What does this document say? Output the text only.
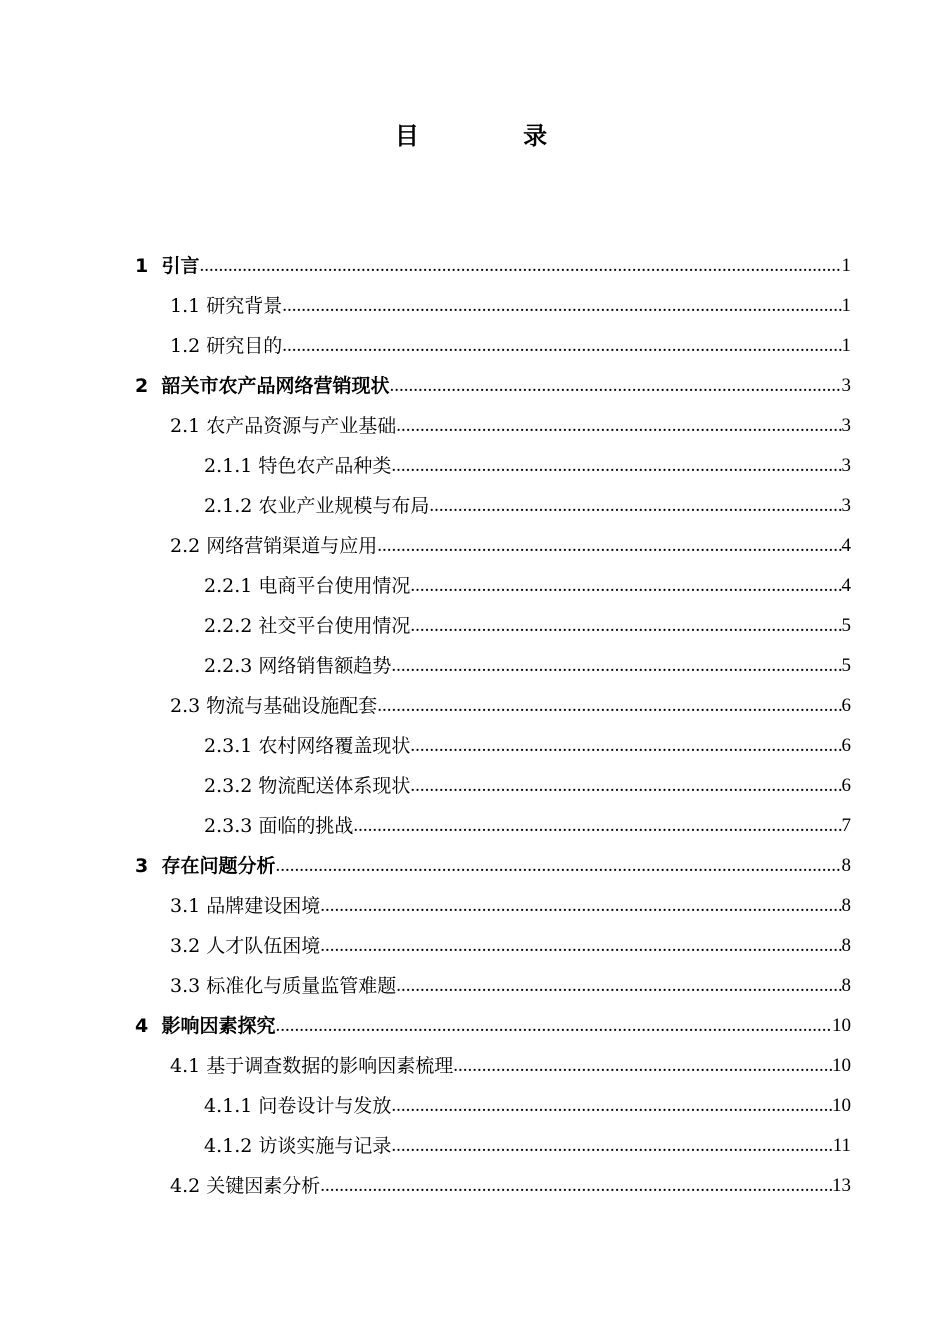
目 录
1 引言 .....	1
1.1 研究背景 .....	1
1.2 研究目的 .....	1
2 韶关市农产品网络营销现状 .....	3
2.1 农产品资源与产业基础 .....	3
2.1.1 特色农产品种类 .....	3
2.1.2 农业产业规模与布局 .....	3
2.2 网络营销渠道与应用 .....	4
2.2.1 电商平台使用情况 .....	4
2.2.2 社交平台使用情况 .....	5
2.2.3 网络销售额趋势 .....	5
2.3 物流与基础设施配套 .....	6
2.3.1 农村网络覆盖现状 .....	6
2.3.2 物流配送体系现状 .....	6
2.3.3 面临的挑战 .....	7
3 存在问题分析 .....	8
3.1 品牌建设困境 .....	8
3.2 人才队伍困境 .....	8
3.3 标准化与质量监管难题 .....	8
4 影响因素探究 .....	10
4.1 基于调查数据的影响因素梳理 .....	10
4.1.1 问卷设计与发放 .....	10
4.1.2 访谈实施与记录 .....	11
4.2 关键因素分析 .....	13
